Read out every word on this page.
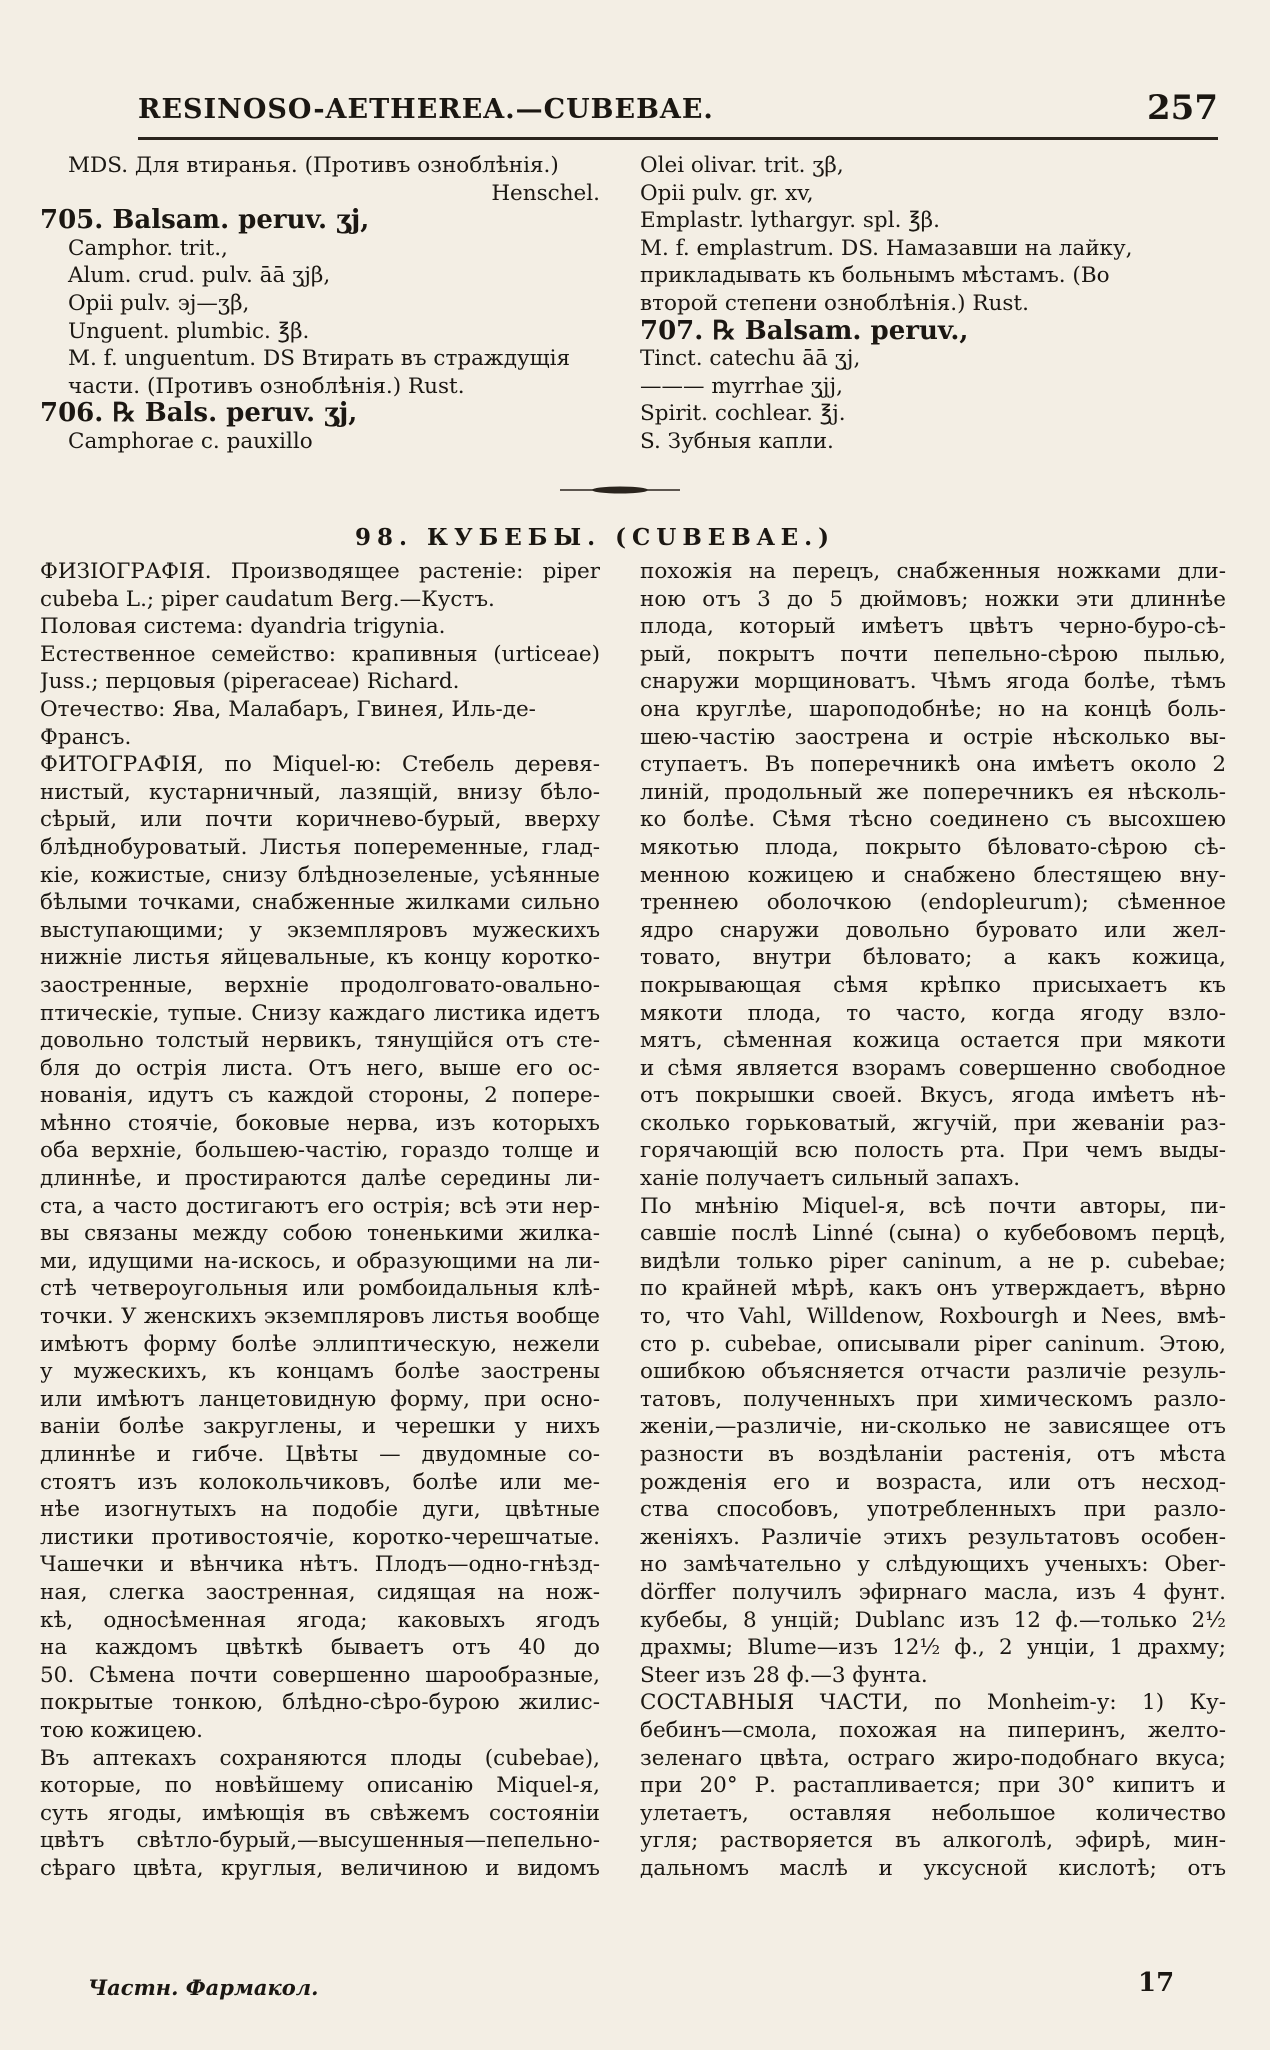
RESINOSO-AETHEREA.—CUBEBAE.	257
MDS. Для втиранья. (Противъ озноблѣнія.)
Henschel.
705. Balsam. peruv. ʒj,
Camphor. trit.,
Alum. crud. pulv. āā ʒjβ,
Opii pulv. ϶j—ʒβ,
Unguent. plumbic. ℥β.
M. f. unguentum. DS Втирать въ страждущія
части. (Противъ озноблѣнія.) Rust.
706. ℞ Bals. peruv. ʒj,
Camphorae c. pauxillo
Olei olivar. trit. ʒβ,
Opii pulv. gr. xv,
Emplastr. lythargyr. spl. ℥β.
M. f. emplastrum. DS. Намазавши на лайку,
прикладывать къ больнымъ мѣстамъ. (Во
второй степени озноблѣнія.) Rust.
707. ℞ Balsam. peruv.,
Tinct. catechu āā ʒj,
——— myrrhae ʒjj,
Spirit. cochlear. ℥j.
S. Зубныя капли.
98. КУБЕБЫ. (CUBEBAE.)
ФИЗІОГРАФІЯ. Производящее растеніе: piper
cubeba L.; piper caudatum Berg.—Кустъ.
Половая система: dyandria trigynia.
Естественное семейство: крапивныя (urticeae)
Juss.; перцовыя (piperaceae) Richard.
Отечество: Ява, Малабаръ, Гвинея, Иль-де-
Франсъ.
ФИТОГРАФІЯ, по Miquel-ю: Стебель деревя-
нистый, кустарничный, лазящій, внизу бѣло-
сѣрый, или почти коричнево-бурый, вверху
блѣднобуроватый. Листья попеременные, глад-
кіе, кожистые, снизу блѣднозеленые, усѣянные
бѣлыми точками, снабженные жилками сильно
выступающими; у экземпляровъ мужескихъ
нижніе листья яйцевальные, къ концу коротко-
заостренные, верхніе продолговато-овально-
птическіе, тупые. Снизу каждаго листика идетъ
довольно толстый нервикъ, тянущійся отъ сте-
бля до острія листа. Отъ него, выше его ос-
нованія, идутъ съ каждой стороны, 2 попере-
мѣнно стоячіе, боковые нерва, изъ которыхъ
оба верхніе, большею-частію, гораздо толще и
длиннѣе, и простираются далѣе середины ли-
ста, а часто достигаютъ его острія; всѣ эти нер-
вы связаны между собою тоненькими жилка-
ми, идущими на-искось, и образующими на ли-
стѣ четвероугольныя или ромбоидальныя клѣ-
точки. У женскихъ экземпляровъ листья вообще
имѣютъ форму болѣе эллиптическую, нежели
у мужескихъ, къ концамъ болѣе заострены
или имѣютъ ланцетовидную форму, при осно-
ваніи болѣе закруглены, и черешки у нихъ
длиннѣе и гибче. Цвѣты — двудомные со-
стоятъ изъ колокольчиковъ, болѣе или ме-
нѣе изогнутыхъ на подобіе дуги, цвѣтные
листики противостоячіе, коротко-черешчатые.
Чашечки и вѣнчика нѣтъ. Плодъ—одно-гнѣзд-
ная, слегка заостренная, сидящая на нож-
кѣ, односѣменная ягода; каковыхъ ягодъ
на каждомъ цвѣткѣ бываетъ отъ 40 до
50. Сѣмена почти совершенно шарообразные,
покрытые тонкою, блѣдно-сѣро-бурою жилис-
тою кожицею.
Въ аптекахъ сохраняются плоды (cubebae),
которые, по новѣйшему описанію Miquel-я,
суть ягоды, имѣющія въ свѣжемъ состояніи
цвѣтъ свѣтло-бурый,—высушенныя—пепельно-
сѣраго цвѣта, круглыя, величиною и видомъ
похожія на перецъ, снабженныя ножками дли-
ною отъ 3 до 5 дюймовъ; ножки эти длиннѣе
плода, который имѣетъ цвѣтъ черно-буро-сѣ-
рый, покрытъ почти пепельно-сѣрою пылью,
снаружи морщиноватъ. Чѣмъ ягода болѣе, тѣмъ
она круглѣе, шароподобнѣе; но на концѣ боль-
шею-частію заострена и остріе нѣсколько вы-
ступаетъ. Въ поперечникѣ она имѣетъ около 2
линій, продольный же поперечникъ ея нѣсколь-
ко болѣе. Сѣмя тѣсно соединено съ высохшею
мякотью плода, покрыто бѣловато-сѣрою сѣ-
менною кожицею и снабжено блестящею вну-
треннею оболочкою (endopleurum); сѣменное
ядро снаружи довольно буровато или жел-
товато, внутри бѣловато; а какъ кожица,
покрывающая сѣмя крѣпко присыхаетъ къ
мякоти плода, то часто, когда ягоду взло-
мятъ, сѣменная кожица остается при мякоти
и сѣмя является взорамъ совершенно свободное
отъ покрышки своей. Вкусъ, ягода имѣетъ нѣ-
сколько горьковатый, жгучій, при жеваніи раз-
горячающій всю полость рта. При чемъ выды-
ханіе получаетъ сильный запахъ.
По мнѣнію Miquel-я, всѣ почти авторы, пи-
савшіе послѣ Linné (сына) о кубебовомъ перцѣ,
видѣли только piper caninum, а не p. cubebae;
по крайней мѣрѣ, какъ онъ утверждаетъ, вѣрно
то, что Vahl, Willdenow, Roxbourgh и Nees, вмѣ-
сто p. cubebae, описывали piper caninum. Этою,
ошибкою объясняется отчасти различіе резуль-
татовъ, полученныхъ при химическомъ разло-
женіи,—различіе, ни-сколько не зависящее отъ
разности въ воздѣланіи растенія, отъ мѣста
рожденія его и возраста, или отъ несход-
ства способовъ, употребленныхъ при разло-
женіяхъ. Различіе этихъ результатовъ особен-
но замѣчательно у слѣдующихъ ученыхъ: Ober-
dörffer получилъ эфирнаго масла, изъ 4 фунт.
кубебы, 8 унцій; Dublanc изъ 12 ф.—только 2½
драхмы; Blume—изъ 12½ ф., 2 унціи, 1 драхму;
Steer изъ 28 ф.—3 фунта.
СОСТАВНЫЯ ЧАСТИ, по Monheim-у: 1) Ку-
бебинъ—смола, похожая на пиперинъ, желто-
зеленаго цвѣта, остраго жиро-подобнаго вкуса;
при 20° Р. растапливается; при 30° кипитъ и
улетаетъ, оставляя небольшое количество
угля; растворяется въ алкоголѣ, эфирѣ, мин-
дальномъ маслѣ и уксусной кислотѣ; отъ
Частн. Фармакол.	17
